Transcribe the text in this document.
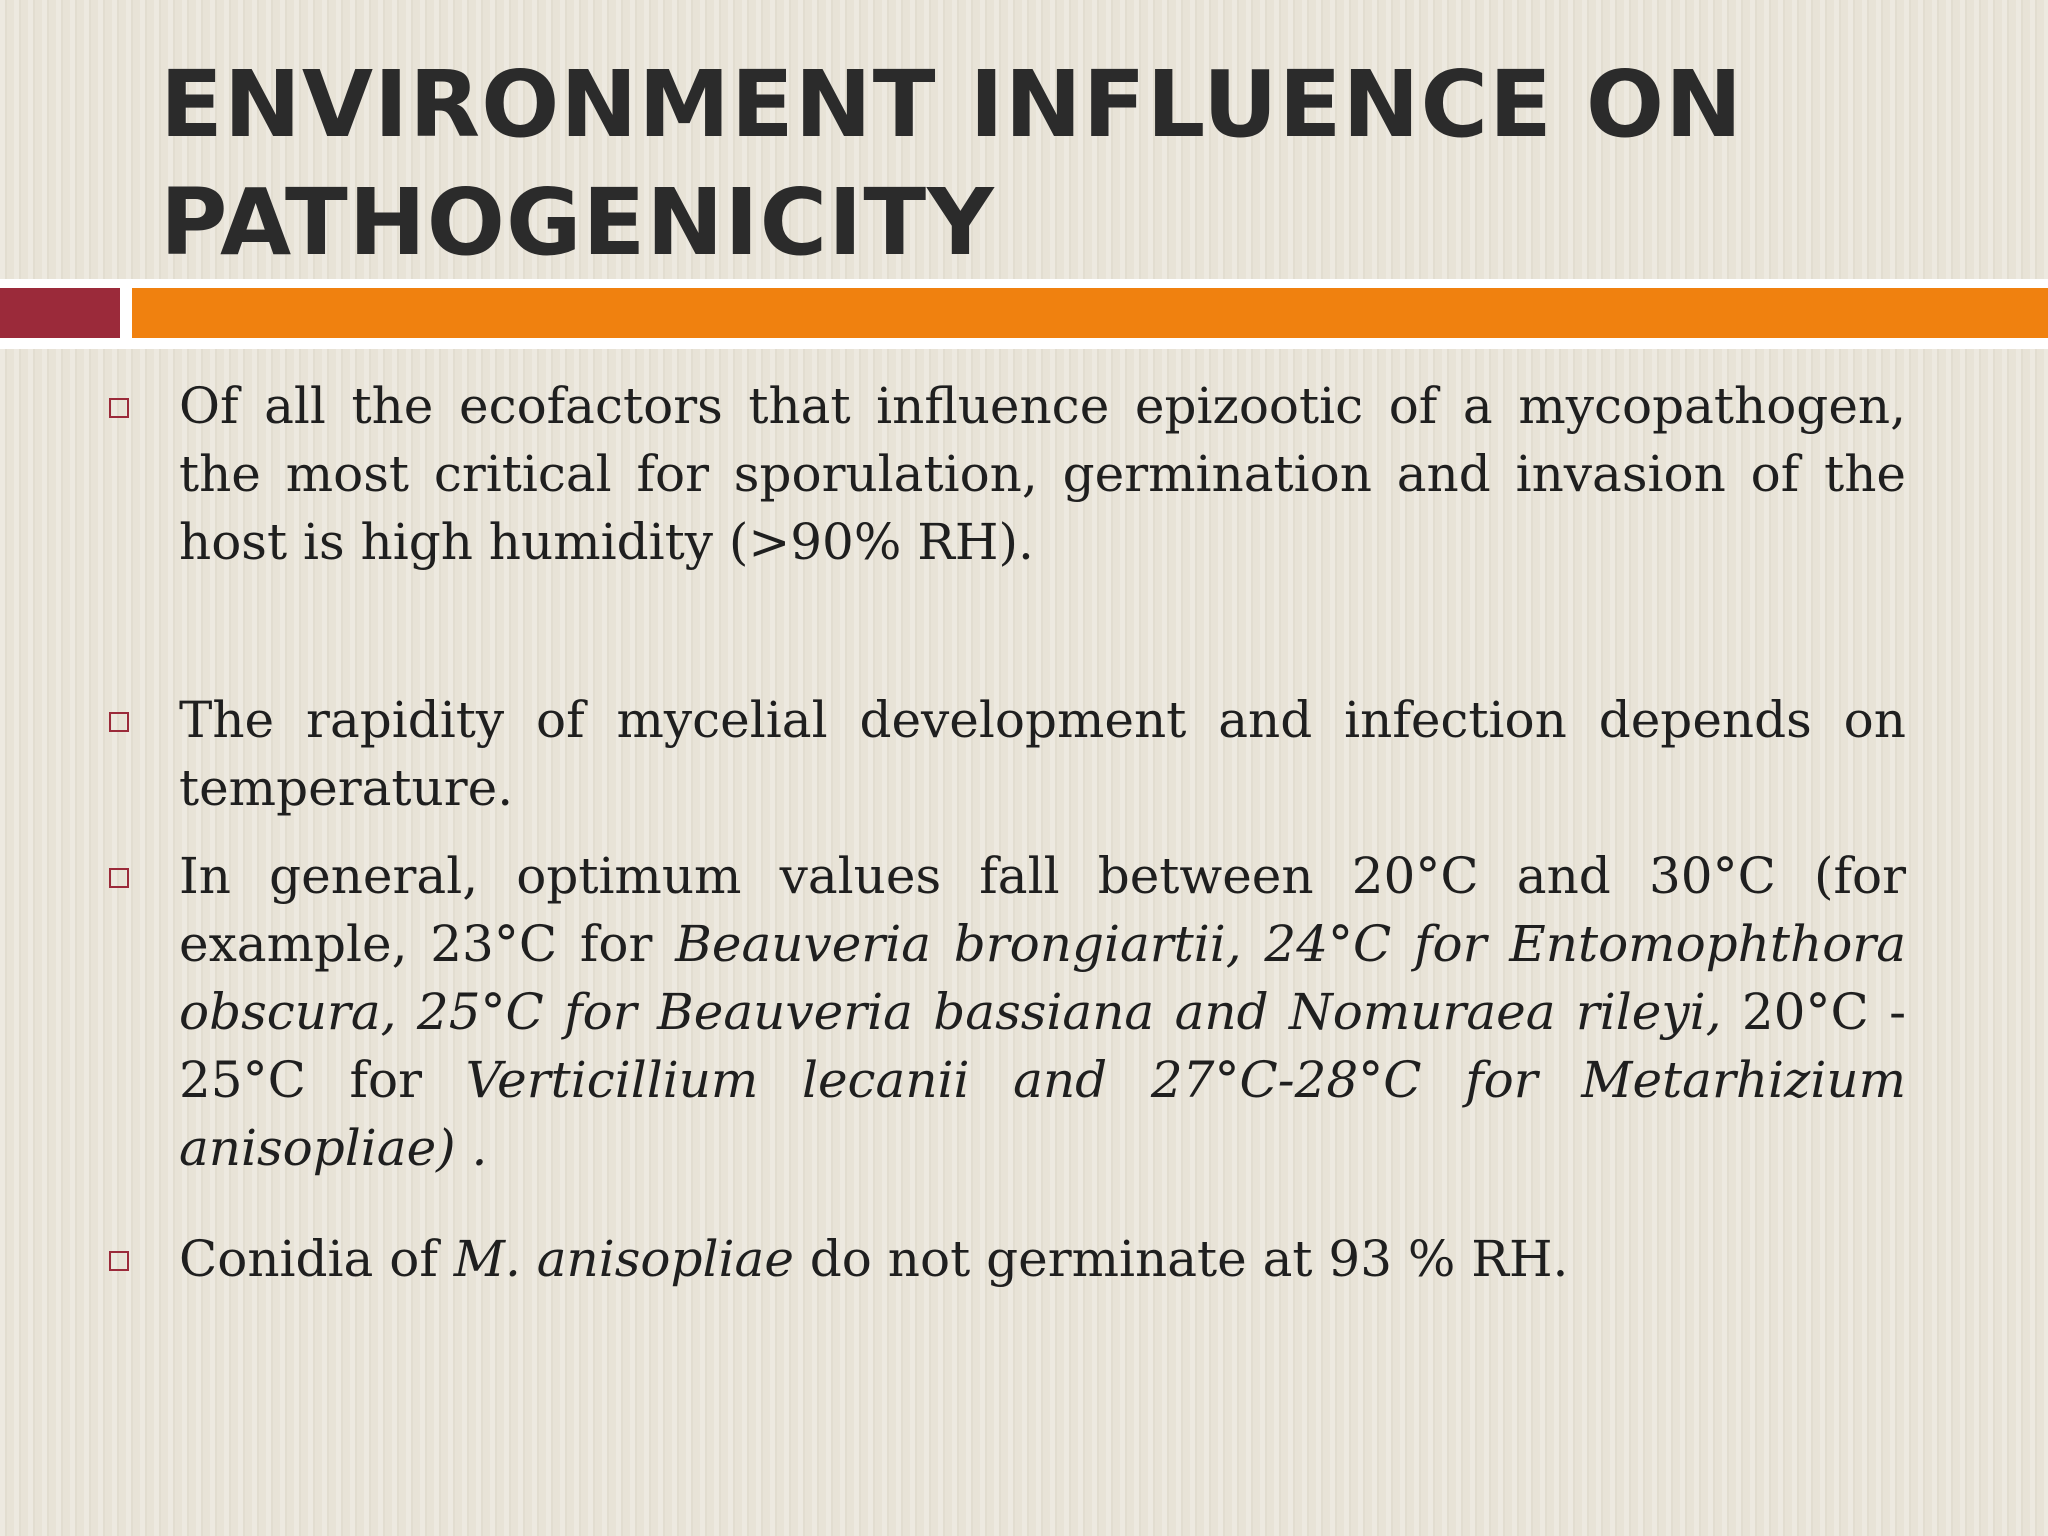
ENVIRONMENT INFLUENCE ON
PATHOGENICITY
Of all the ecofactors that influence epizootic of a mycopathogen, the most critical for sporulation, germination and invasion of the host is high humidity (>90% RH).
The rapidity of mycelial development and infection depends on temperature.
In general, optimum values fall between 20°C and 30°C (for example, 23°C for Beauveria brongiartii, 24°C for Entomophthora obscura, 25°C for Beauveria bassiana and Nomuraea rileyi, 20°C - 25°C for Verticillium lecanii and 27°C-28°C for Metarhizium anisopliae) .
Conidia of M. anisopliae do not germinate at 93 % RH.
